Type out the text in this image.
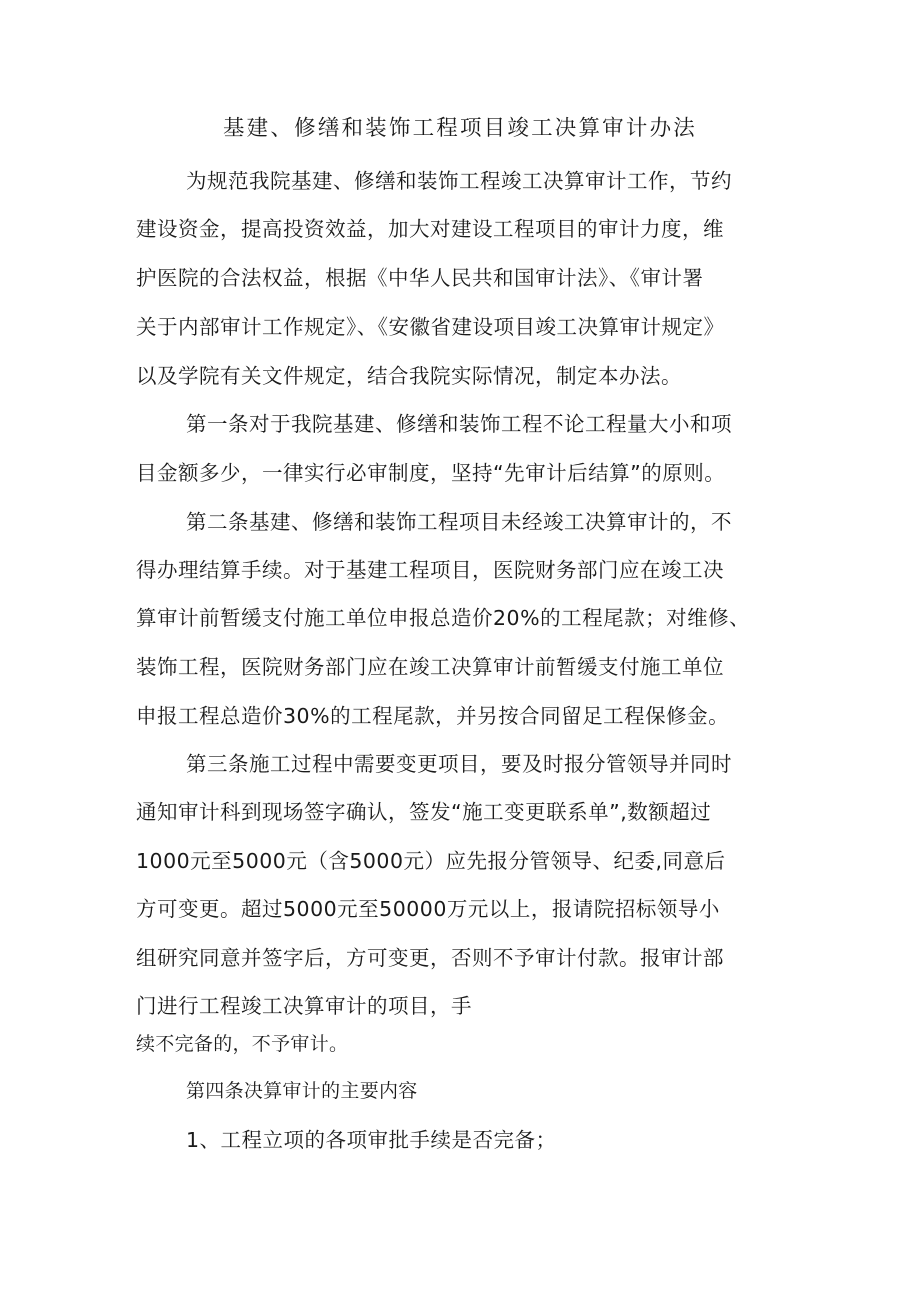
基建、修缮和装饰工程项目竣工决算审计办法
为规范我院基建、修缮和装饰工程竣工决算审计工作，节约
建设资金，提高投资效益，加大对建设工程项目的审计力度，维
护医院的合法权益，根据《中华人民共和国审计法》、《审计署
关于内部审计工作规定》、《安徽省建设项目竣工决算审计规定》
以及学院有关文件规定，结合我院实际情况，制定本办法。
第一条对于我院基建、修缮和装饰工程不论工程量大小和项
目金额多少，一律实行必审制度，坚持“先审计后结算”的原则。
第二条基建、修缮和装饰工程项目未经竣工决算审计的，不
得办理结算手续。对于基建工程项目，医院财务部门应在竣工决
算审计前暂缓支付施工单位申报总造价20%的工程尾款；对维修、
装饰工程，医院财务部门应在竣工决算审计前暂缓支付施工单位
申报工程总造价30%的工程尾款，并另按合同留足工程保修金。
第三条施工过程中需要变更项目，要及时报分管领导并同时
通知审计科到现场签字确认，签发“施工变更联系单”,数额超过
1000元至5000元（含5000元）应先报分管领导、纪委,同意后
方可变更。超过5000元至50000万元以上，报请院招标领导小
组研究同意并签字后，方可变更，否则不予审计付款。报审计部
门进行工程竣工决算审计的项目，手
续不完备的，不予审计。
第四条决算审计的主要内容
1、工程立项的各项审批手续是否完备；
